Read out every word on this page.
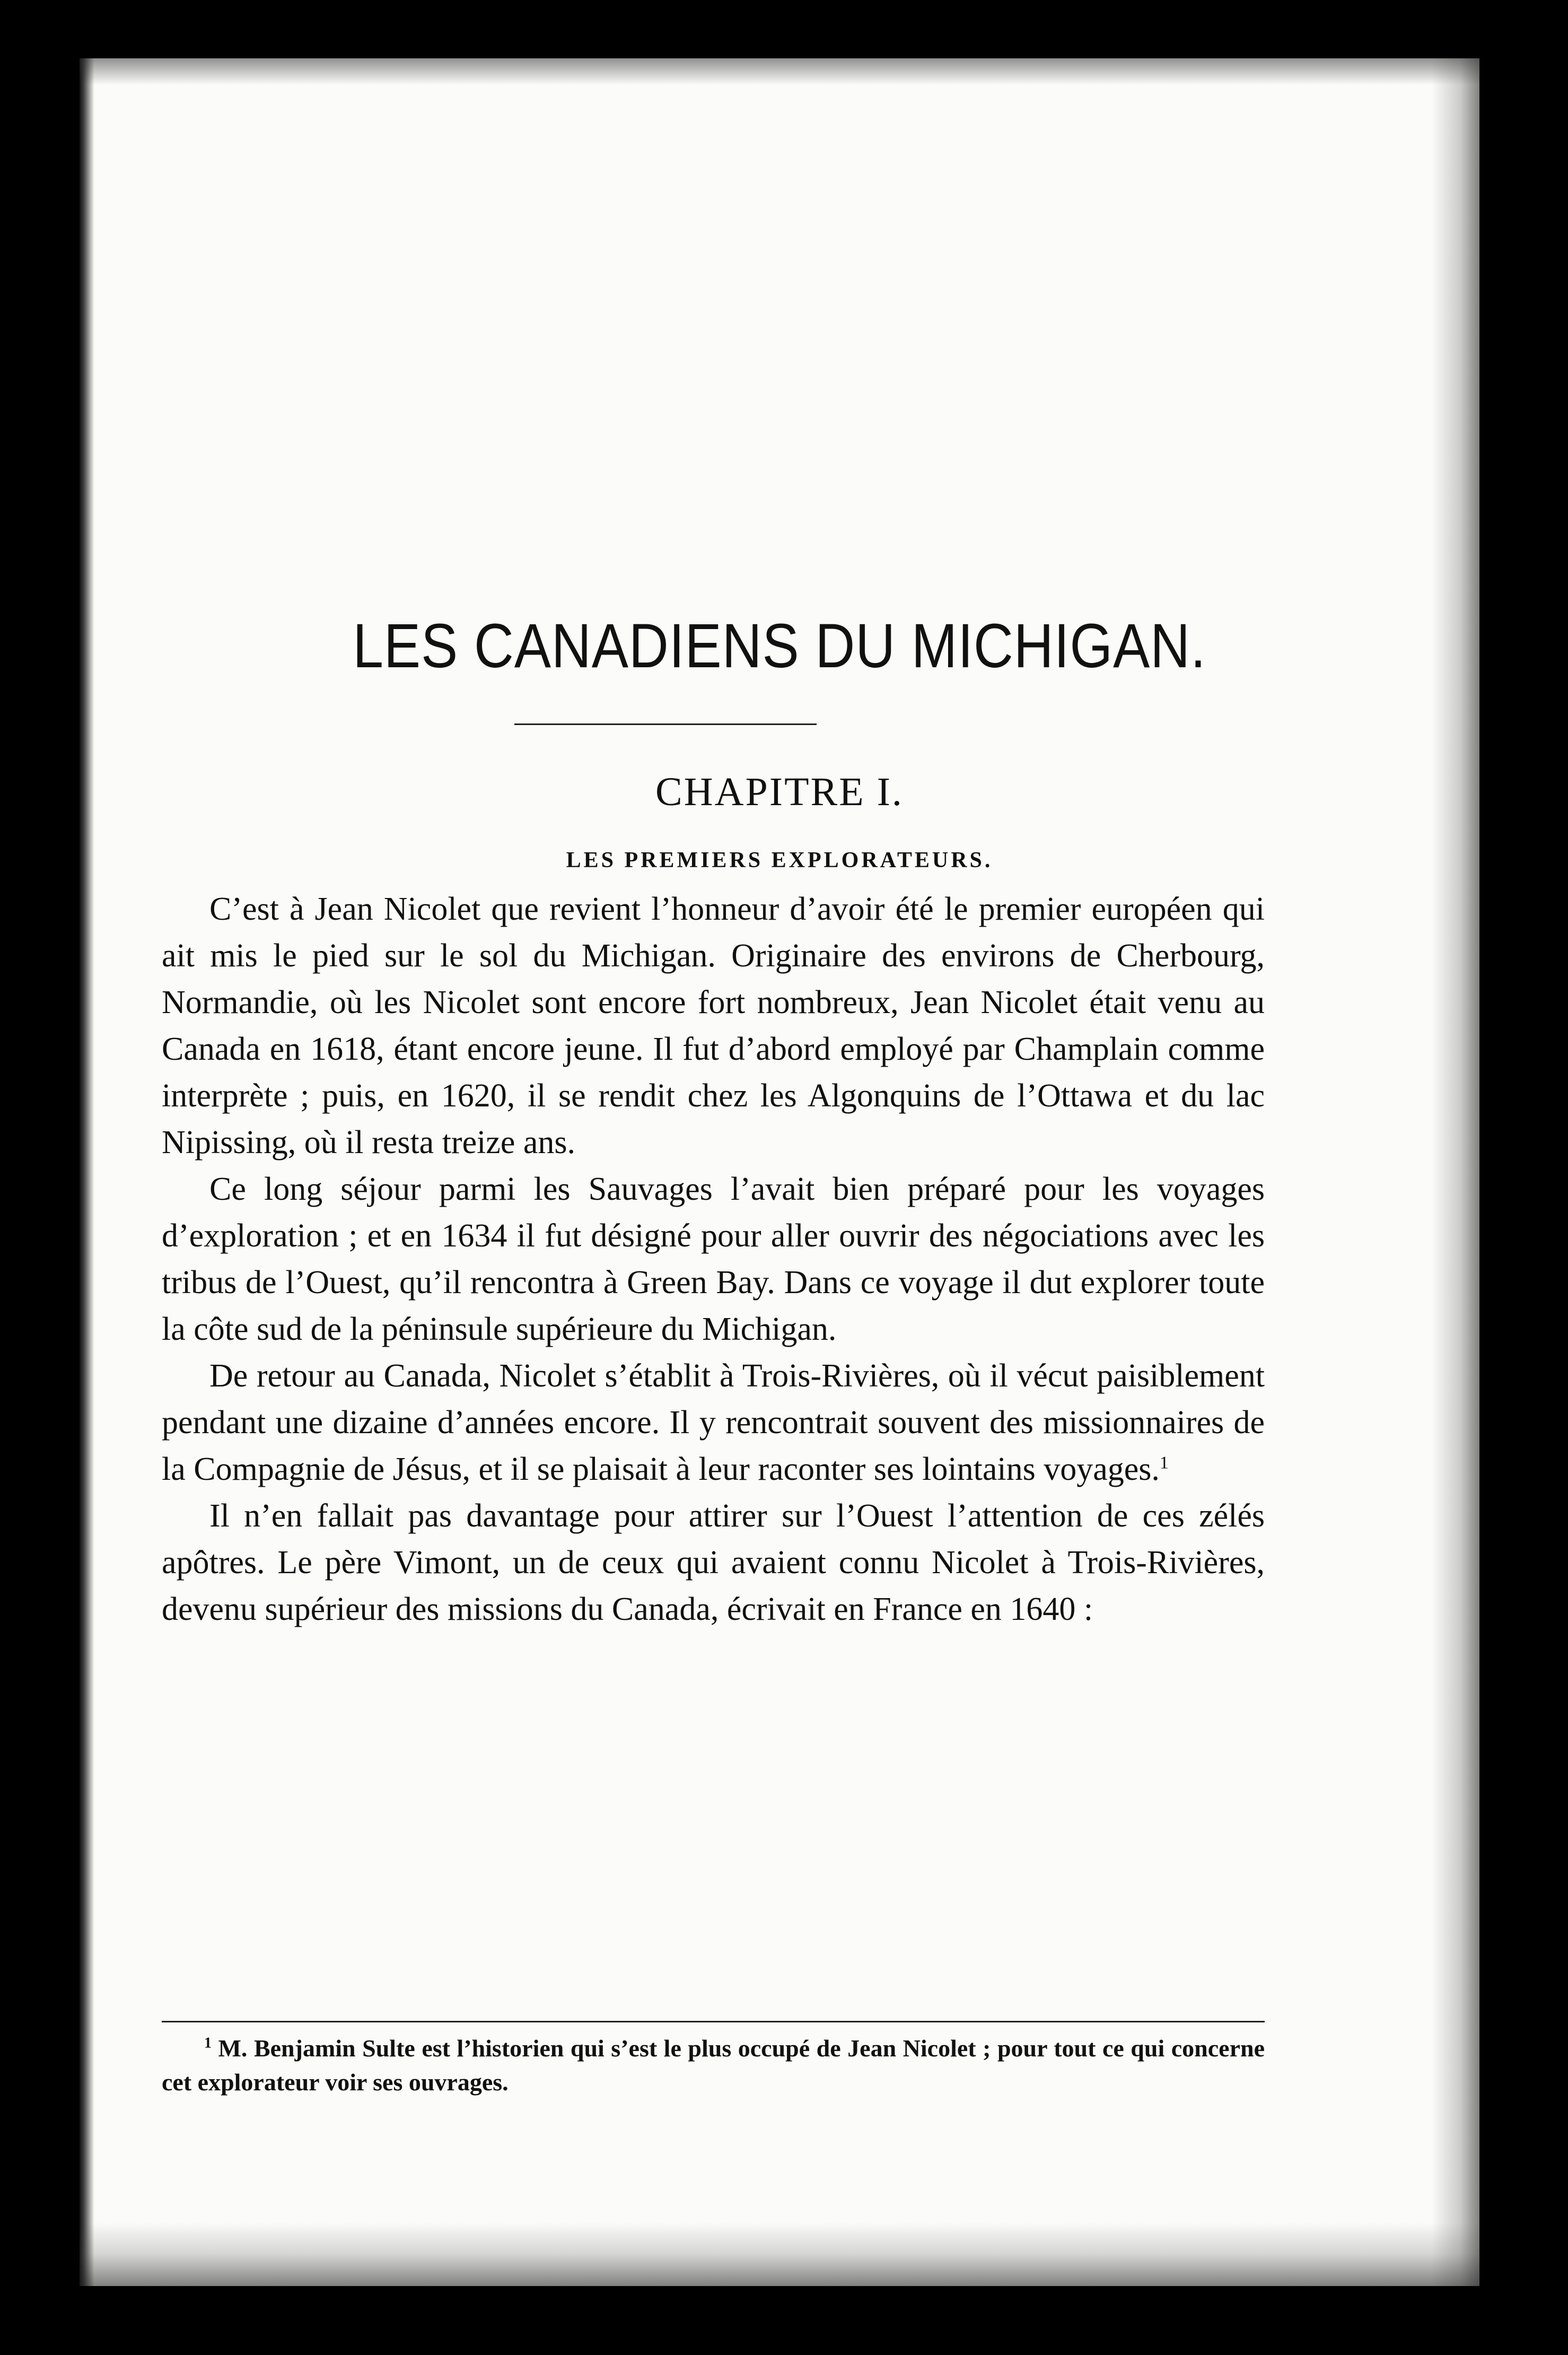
LES CANADIENS DU MICHIGAN.
CHAPITRE I.
LES PREMIERS EXPLORATEURS.

C’est à Jean Nicolet que revient l’honneur d’avoir été le premier européen qui ait mis le pied sur le sol du Michigan. Originaire des environs de Cherbourg, Normandie, où les Nicolet sont encore fort nombreux, Jean Nicolet était venu au Canada en 1618, étant encore jeune. Il fut d’abord employé par Champlain comme interprète ; puis, en 1620, il se rendit chez les Algonquins de l’Ottawa et du lac Nipissing, où il resta treize ans.

Ce long séjour parmi les Sauvages l’avait bien préparé pour les voyages d’exploration ; et en 1634 il fut désigné pour aller ouvrir des négociations avec les tribus de l’Ouest, qu’il rencontra à Green Bay. Dans ce voyage il dut explorer toute la côte sud de la péninsule supérieure du Michigan.

De retour au Canada, Nicolet s’établit à Trois-Rivières, où il vécut paisiblement pendant une dizaine d’années encore. Il y rencontrait souvent des missionnaires de la Compagnie de Jésus, et il se plaisait à leur raconter ses lointains voyages.$^1$

Il n’en fallait pas davantage pour attirer sur l’Ouest l’attention de ces zélés apôtres. Le père Vimont, un de ceux qui avaient connu Nicolet à Trois-Rivières, devenu supérieur des missions du Canada, écrivait en France en 1640 :

$^1$ M. Benjamin Sulte est l’historien qui s’est le plus occupé de Jean Nicolet ; pour tout ce qui concerne cet explorateur voir ses ouvrages.
